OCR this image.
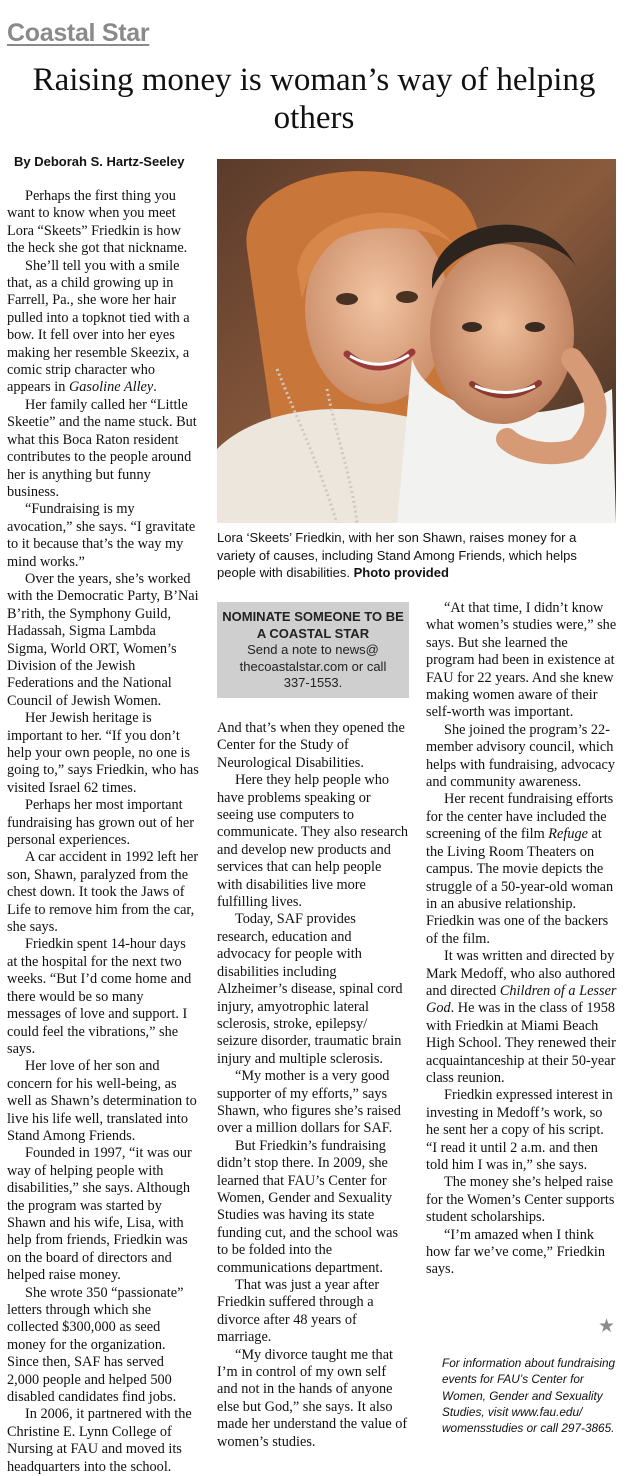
Coastal Star
Raising money is woman’s way of helping others
By Deborah S. Hartz-Seeley

Perhaps the first thing you want to know when you meet Lora “Skeets” Friedkin is how the heck she got that nickname.

She’ll tell you with a smile that, as a child growing up in Farrell, Pa., she wore her hair pulled into a topknot tied with a bow. It fell over into her eyes making her resemble Skeezix, a comic strip character who appears in Gasoline Alley.

Her family called her “Little Skeetie” and the name stuck. But what this Boca Raton resident contributes to the people around her is anything but funny business.

“Fundraising is my avocation,” she says. “I gravitate to it because that’s the way my mind works.”

Over the years, she’s worked with the Democratic Party, B’Nai B’rith, the Symphony Guild, Hadassah, Sigma Lambda Sigma, World ORT, Women’s Division of the Jewish Federations and the National Council of Jewish Women.

Her Jewish heritage is important to her. “If you don’t help your own people, no one is going to,” says Friedkin, who has visited Israel 62 times.

Perhaps her most important fundraising has grown out of her personal experiences.

A car accident in 1992 left her son, Shawn, paralyzed from the chest down. It took the Jaws of Life to remove him from the car, she says.

Friedkin spent 14-hour days at the hospital for the next two weeks. “But I’d come home and there would be so many messages of love and support. I could feel the vibrations,” she says.

Her love of her son and concern for his well-being, as well as Shawn’s determination to live his life well, translated into Stand Among Friends.

Founded in 1997, “it was our way of helping people with disabilities,” she says. Although the program was started by Shawn and his wife, Lisa, with help from friends, Friedkin was on the board of directors and helped raise money.

She wrote 350 “passionate” letters through which she collected $300,000 as seed money for the organization. Since then, SAF has served 2,000 people and helped 500 disabled candidates find jobs.

In 2006, it partnered with the Christine E. Lynn College of Nursing at FAU and moved its headquarters into the school.

Lora ‘Skeets’ Friedkin, with her son Shawn, raises money for a variety of causes, including Stand Among Friends, which helps people with disabilities. Photo provided
NOMINATE SOMEONE TO BE A COASTAL STAR
Send a note to news@ thecoastalstar.com or call 337-1553.

And that’s when they opened the Center for the Study of Neurological Disabilities.

Here they help people who have problems speaking or seeing use computers to communicate. They also research and develop new products and services that can help people with disabilities live more fulfilling lives.

Today, SAF provides research, education and advocacy for people with disabilities including Alzheimer’s disease, spinal cord injury, amyotrophic lateral sclerosis, stroke, epilepsy/ seizure disorder, traumatic brain injury and multiple sclerosis.

“My mother is a very good supporter of my efforts,” says Shawn, who figures she’s raised over a million dollars for SAF.

But Friedkin’s fundraising didn’t stop there. In 2009, she learned that FAU’s Center for Women, Gender and Sexuality Studies was having its state funding cut, and the school was to be folded into the communications department.

That was just a year after Friedkin suffered through a divorce after 48 years of marriage.

“My divorce taught me that I’m in control of my own self and not in the hands of anyone else but God,” she says. It also made her understand the value of women’s studies.

“At that time, I didn’t know what women’s studies were,” she says. But she learned the program had been in existence at FAU for 22 years. And she knew making women aware of their self-worth was important.

She joined the program’s 22-member advisory council, which helps with fundraising, advocacy and community awareness.

Her recent fundraising efforts for the center have included the screening of the film Refuge at the Living Room Theaters on campus. The movie depicts the struggle of a 50-year-old woman in an abusive relationship. Friedkin was one of the backers of the film.

It was written and directed by Mark Medoff, who also authored and directed Children of a Lesser God. He was in the class of 1958 with Friedkin at Miami Beach High School. They renewed their acquaintanceship at their 50-year class reunion.

Friedkin expressed interest in investing in Medoff’s work, so he sent her a copy of his script. “I read it until 2 a.m. and then told him I was in,” she says.

The money she’s helped raise for the Women’s Center supports student scholarships.

“I’m amazed when I think how far we’ve come,” Friedkin says.

★
For information about fundraising events for FAU’s Center for Women, Gender and Sexuality Studies, visit www.fau.edu/ womensstudies or call 297-3865.
